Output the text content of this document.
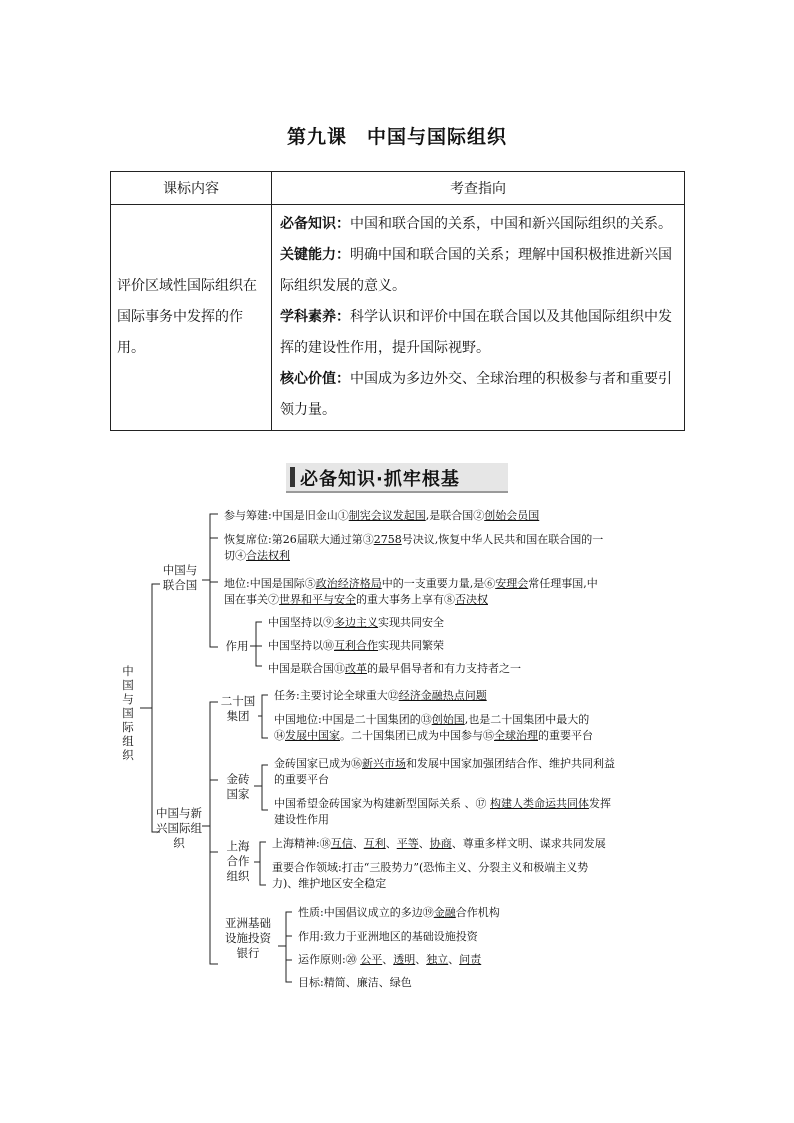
第九课　中国与国际组织
课标内容	考查指向
评价区域性国际组织在国际事务中发挥的作用。	必备知识：中国和联合国的关系，中国和新兴国际组织的关系。
关键能力：明确中国和联合国的关系；理解中国积极推进新兴国际组织发展的意义。
学科素养：科学认识和评价中国在联合国以及其他国际组织中发挥的建设性作用，提升国际视野。
核心价值：中国成为多边外交、全球治理的积极参与者和重要引领力量。
必备知识·抓牢根基
中国与国际组织
中国与联合国
参与筹建:中国是旧金山①制宪会议发起国,是联合国②创始会员国
恢复席位:第26届联大通过第③2758号决议,恢复中华人民共和国在联合国的一
切④合法权利
地位:中国是国际⑤政治经济格局中的一支重要力量,是⑥安理会常任理事国,中
国在事关⑦世界和平与安全的重大事务上享有⑧否决权
作用
中国坚持以⑨多边主义实现共同安全
中国坚持以⑩互利合作实现共同繁荣
中国是联合国⑪改革的最早倡导者和有力支持者之一
中国与新兴国际组织
二十国集团
任务:主要讨论全球重大⑫经济金融热点问题
中国地位:中国是二十国集团的⑬创始国,也是二十国集团中最大的
⑭发展中国家。二十国集团已成为中国参与⑮全球治理的重要平台
金砖国家
金砖国家已成为⑯新兴市场和发展中国家加强团结合作、维护共同利益
的重要平台
中国希望金砖国家为构建新型国际关系 、⑰ 构建人类命运共同体发挥
建设性作用
上海合作组织
上海精神:⑱互信、互利、平等、协商、尊重多样文明、谋求共同发展
重要合作领域:打击“三股势力”(恐怖主义、分裂主义和极端主义势
力)、维护地区安全稳定
亚洲基础设施投资银行
性质:中国倡议成立的多边⑲金融合作机构
作用:致力于亚洲地区的基础设施投资
运作原则:⑳ 公平、透明、独立、问责
目标:精简、廉洁、绿色
